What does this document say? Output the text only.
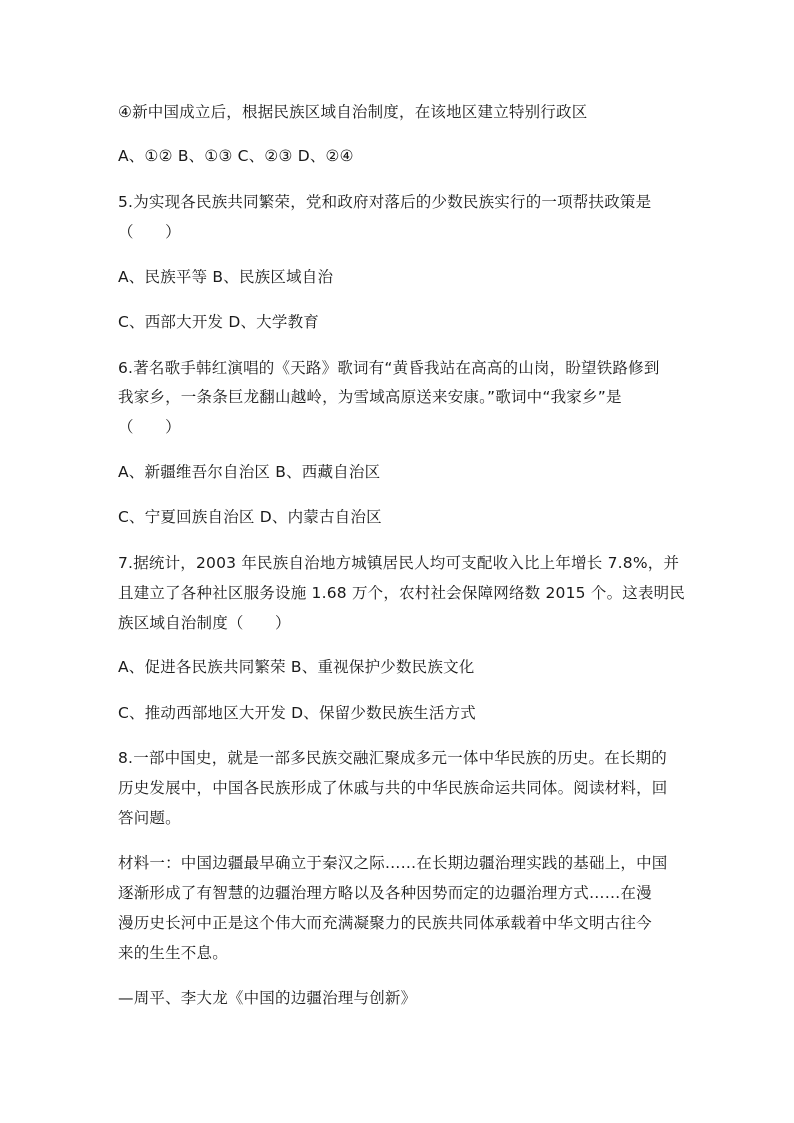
④新中国成立后，根据民族区域自治制度，在该地区建立特别行政区
A、①② B、①③ C、②③ D、②④
5.为实现各民族共同繁荣，党和政府对落后的少数民族实行的一项帮扶政策是
（　　）
A、民族平等 B、民族区域自治
C、西部大开发 D、大学教育
6.著名歌手韩红演唱的《天路》歌词有“黄昏我站在高高的山岗，盼望铁路修到
我家乡，一条条巨龙翻山越岭，为雪域高原送来安康。”歌词中“我家乡”是
（　　）
A、新疆维吾尔自治区 B、西藏自治区
C、宁夏回族自治区 D、内蒙古自治区
7.据统计，2003 年民族自治地方城镇居民人均可支配收入比上年增长 7.8%，并
且建立了各种社区服务设施 1.68 万个，农村社会保障网络数 2015 个。这表明民
族区域自治制度（　　）
A、促进各民族共同繁荣 B、重视保护少数民族文化
C、推动西部地区大开发 D、保留少数民族生活方式
8.一部中国史，就是一部多民族交融汇聚成多元一体中华民族的历史。在长期的
历史发展中，中国各民族形成了休戚与共的中华民族命运共同体。阅读材料，回
答问题。
材料一：中国边疆最早确立于秦汉之际……在长期边疆治理实践的基础上，中国
逐渐形成了有智慧的边疆治理方略以及各种因势而定的边疆治理方式……在漫
漫历史长河中正是这个伟大而充满凝聚力的民族共同体承载着中华文明古往今
来的生生不息。
—周平、李大龙《中国的边疆治理与创新》
